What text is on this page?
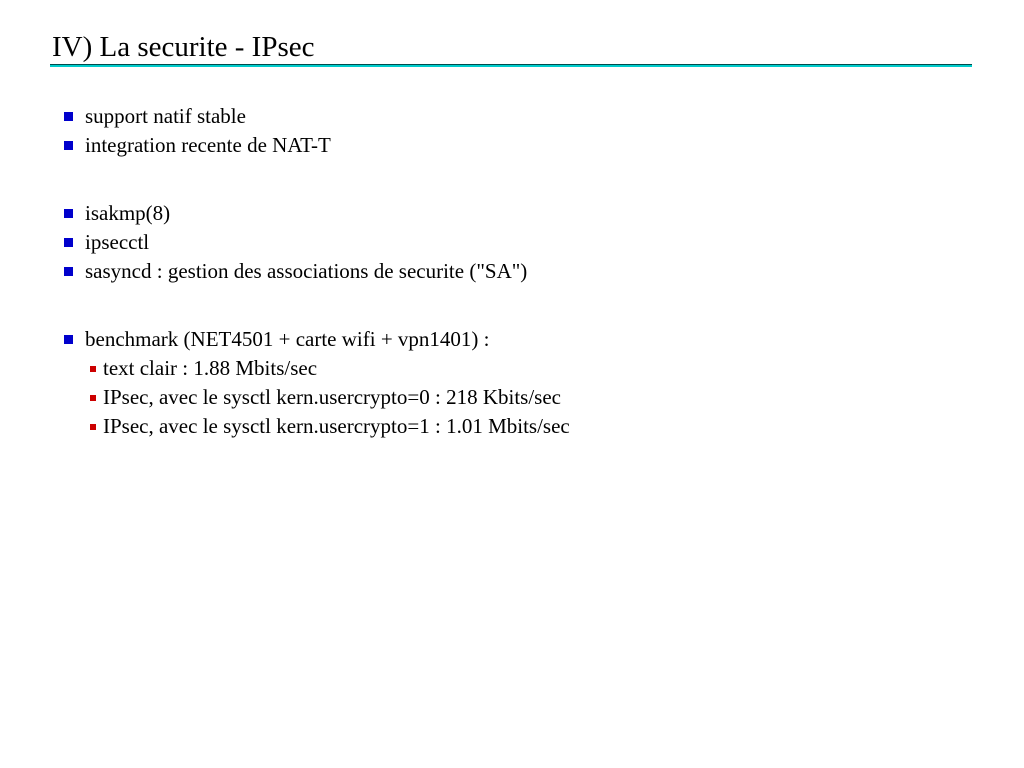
IV) La securite - IPsec
support natif stable
integration recente de NAT-T
isakmp(8)
ipsecctl
sasyncd : gestion des associations de securite ("SA")
benchmark (NET4501 + carte wifi + vpn1401) :
text clair : 1.88 Mbits/sec
IPsec, avec le sysctl kern.usercrypto=0 : 218 Kbits/sec
IPsec, avec le sysctl kern.usercrypto=1 : 1.01 Mbits/sec
